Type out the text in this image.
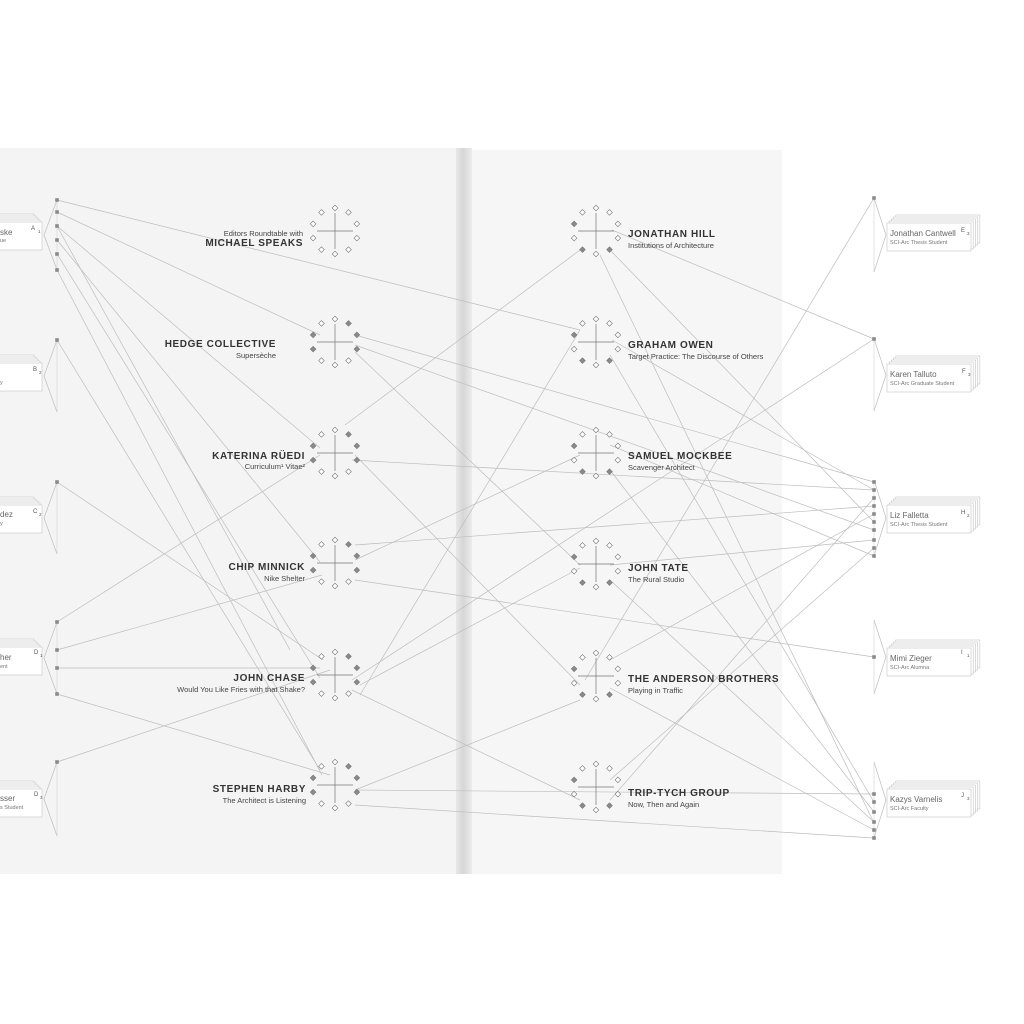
Editors Roundtable with
MICHAEL SPEAKS
HEDGE COLLECTIVE
Supersèche
KATERINA RÜEDI
Curriculum¹ Vitae²
CHIP MINNICK
Nike Shelter
JOHN CHASE
Would You Like Fries with that Shake?
STEPHEN HARBY
The Architect is Listening
JONATHAN HILL
Institutions of Architecture
GRAHAM OWEN
Target Practice: The Discourse of Others
SAMUEL MOCKBEE
Scavenger Architect
JOHN TATE
The Rural Studio
THE ANDERSON BROTHERS
Playing in Traffic
TRIP-TYCH GROUP
Now, Then and Again
ske
ue
A 1
y
B 2
dez
y
C 2
her
ent
D 1
sser
s Student
D 3
Jonathan Cantwell
SCI-Arc Thesis Student
E 3
Karen Talluto
SCI-Arc Graduate Student
F 3
Liz Falletta
SCI-Arc Thesis Student
H 2
Mimi Zieger
SCI-Arc Alumna
I 1
Kazys Varnelis
SCI-Arc Faculty
J 3
